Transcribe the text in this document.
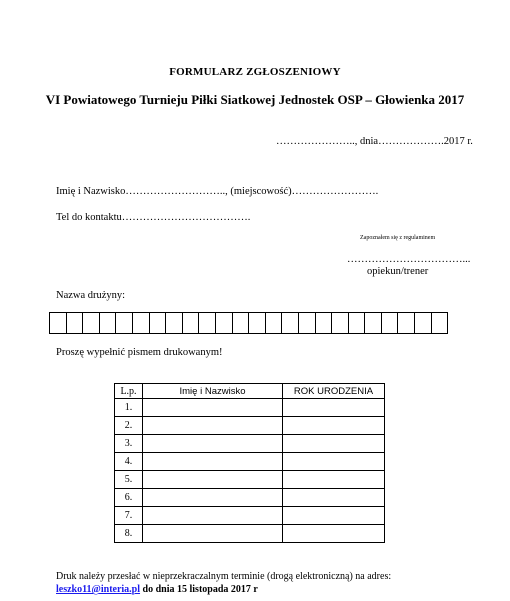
FORMULARZ ZGŁOSZENIOWY
VI Powiatowego Turnieju Piłki Siatkowej Jednostek OSP – Głowienka 2017
………………….., dnia……………….2017 r.
Imię i Nazwisko……………………….., (miejscowość)…………………….
Tel do kontaktu……………………………….
Zapoznałem się z regulaminem
……………………………...
opiekun/trener
Nazwa drużyny:
Proszę wypełnić pismem drukowanym!
L.p.	Imię i Nazwisko	ROK URODZENIA
1.		
2.		
3.		
4.		
5.		
6.		
7.		
8.		
Druk należy przesłać w nieprzekraczalnym terminie (drogą elektroniczną) na adres:
leszko11@interia.pl do dnia 15 listopada 2017 r
